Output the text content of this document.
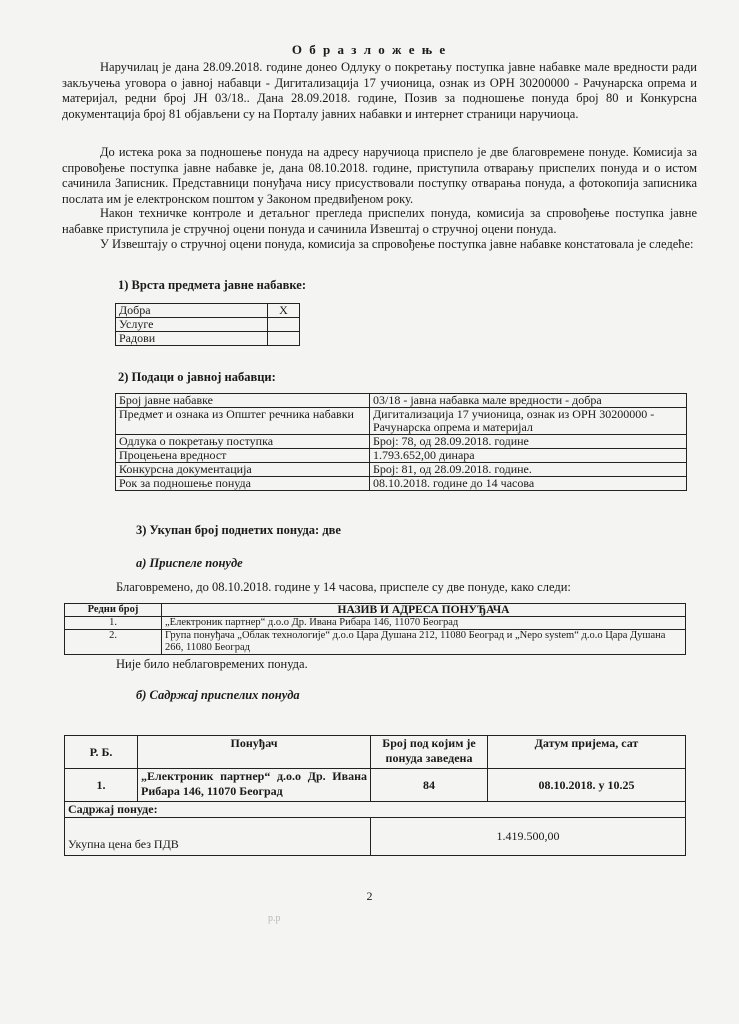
О б р а з л о ж е њ е
Наручилац је дана 28.09.2018. године донео Одлуку о покретању поступка јавне набавке мале вредности ради закључења уговора о јавној набавци - Дигитализација 17 учионица, ознак из ОРН 30200000 - Рачунарска опрема и материјал, редни број ЈН 03/18.. Дана 28.09.2018. године, Позив за подношење понуда број 80 и Конкурсна документација број 81 објављени су на Порталу јавних набавки и интернет страници наручиоца.
До истека рока за подношење понуда на адресу наручиоца приспело је две благовремене понуде. Комисија за спровођење поступка јавне набавке је, дана 08.10.2018. године, приступила отварању приспелих понуда и о истом сачинила Записник. Представници понуђача нису присуствовали поступку отварања понуда, а фотокопија записника послата им је електронском поштом у Законом предвиђеном року.
Након техничке контроле и детаљног прегледа приспелих понуда, комисија за спровођење поступка јавне набавке приступила је стручној оцени понуда и сачинила Извештај о стручној оцени понуда.
У Извештају о стручној оцени понуда, комисија за спровођење поступка јавне набавке констатовала је следеће:
1) Врста предмета јавне набавке:
Добра	X
Услуге	
Радови	
2) Подаци о јавној набавци:
Број јавне набавке	03/18 - јавна набавка мале вредности - добра
Предмет и ознака из Општег речника набавки	Дигитализација 17 учионица, ознак из ОРН 30200000 - Рачунарска опрема и материјал
Одлука о покретању поступка	Број: 78, од 28.09.2018. године
Процењена вредност	1.793.652,00 динара
Конкурсна документација	Број: 81, од 28.09.2018. године.
Рок за подношење понуда	08.10.2018. године до 14 часова
3) Укупан број поднетих понуда: две
а) Приспеле понуде
Благовремено, до 08.10.2018. године у 14 часова, приспеле су две понуде, како следи:
Редни број	НАЗИВ И АДРЕСА ПОНУЂАЧА
1.	„Електроник партнер“ д.о.о Др. Ивана Рибара 146, 11070 Београд
2.	Група понуђача „Облак технологије“ д.о.о Цара Душана 212, 11080 Београд и „Nepo system“ д.о.о Цара Душана 266, 11080 Београд
Није било неблаговремених понуда.
б) Садржај приспелих понуда
Р. Б.	Понуђач	Број под којим је понуда заведена	Датум пријема, сат
1.	„Електроник партнер“ д.о.о Др. Ивана Рибара 146, 11070 Београд	84	08.10.2018. у 10.25
Садржај понуде:			
Укупна цена без ПДВ		1.419.500,00	
2
р.р
